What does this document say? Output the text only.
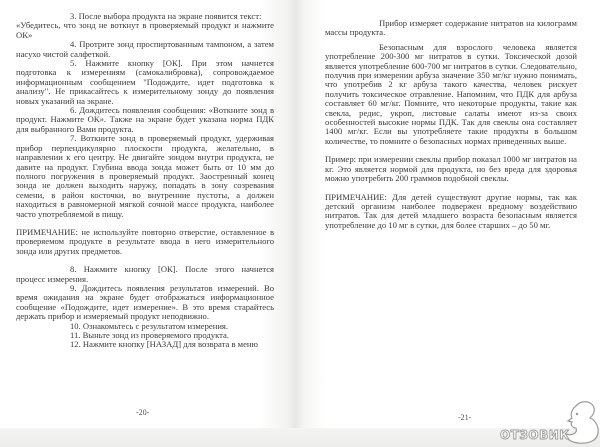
3. После выбора продукта на экране появится текст:

«Убедитесь, что зонд не воткнут в проверяемый продукт и нажмите ОК»

4. Протрите зонд проспиртованным тампоном, а затем насухо чистой салфеткой.

5. Нажмите кнопку [ОК]. При этом начнется подготовка к измерениям (самокалибровка), сопровождаемое информационным сообщением "Подождите, идет подготовка к анализу". Не прикасайтесь к измерительному зонду до появления новых указаний на экране.

6. Дождитесь появления сообщения: «Воткните зонд в продукт. Нажмите ОК». Также на экране будет указана норма ПДК для выбранного Вами продукта.

7. Воткните зонд в проверяемый продукт, удерживая прибор перпендикулярно плоскости продукта, желательно, в направлении к его центру. Не двигайте зондом внутри продукта, не давите на продукт. Глубина ввода зонда может быть от 10 мм до полного погружения в проверяемый продукт. Заостренный конец зонда не должен выходить наружу, попадать в зону созревания семени, в район косточки, во внутренние пустоты, а должен находиться в равномерной мягкой сочной массе продукта, наиболее часто употребляемой в пищу.

ПРИМЕЧАНИЕ: не используйте повторно отверстие, оставленное в проверяемом продукте в результате ввода в него измерительного зонда или других предметов.

8. Нажмите кнопку [ОК]. После этого начнется процесс измерения.

9. Дождитесь появления результатов измерений. Во время ожидания на экране будет отображаться информационное сообщение «Подождите, идет измерение». В это время старайтесь держать прибор и измеряемый продукт неподвижно.

10. Ознакомьтесь с результатом измерения.

11. Выньте зонд из проверяемого продукта.

12. Нажмите кнопку [НАЗАД] для возврата в меню

-20-
-21-

Прибор измеряет содержание нитратов на килограмм массы продукта.

Безопасным для взрослого человека является употребление 200-300 мг нитратов в сутки. Токсической дозой является употребление 600-700 мг нитратов в сутки. Следовательно, получив при измерении арбуза значение 350 мг/кг нужно понимать, что употребив 2 кг арбуза такого качества, человек рискует получить токсическое отравление. Напомним, что ПДК для арбуза составляет 60 мг/кг. Помните, что некоторые продукты, такие как свекла, редис, укроп, листовые салаты имеют из-за своих особенностей высокие нормы ПДК. Так для свеклы она составляет 1400 мг/кг. Если вы употребляете такие продукты в большом количестве, то помните о безопасных нормах приведенных выше.

Пример: при измерении свеклы прибор показал 1000 мг нитратов на кг. Это является нормой для продукта, но без вреда для здоровья можно употребить 200 граммов подобной свеклы.

ПРИМЕЧАНИЕ: Для детей существуют другие нормы, так как детский организм наиболее подвержен вредному воздействию нитратов. Так для детей младшего возраста безопасным является употребление до 10 мг в сутки, для более старших – до 50 мг.

ОТЗОВИК
